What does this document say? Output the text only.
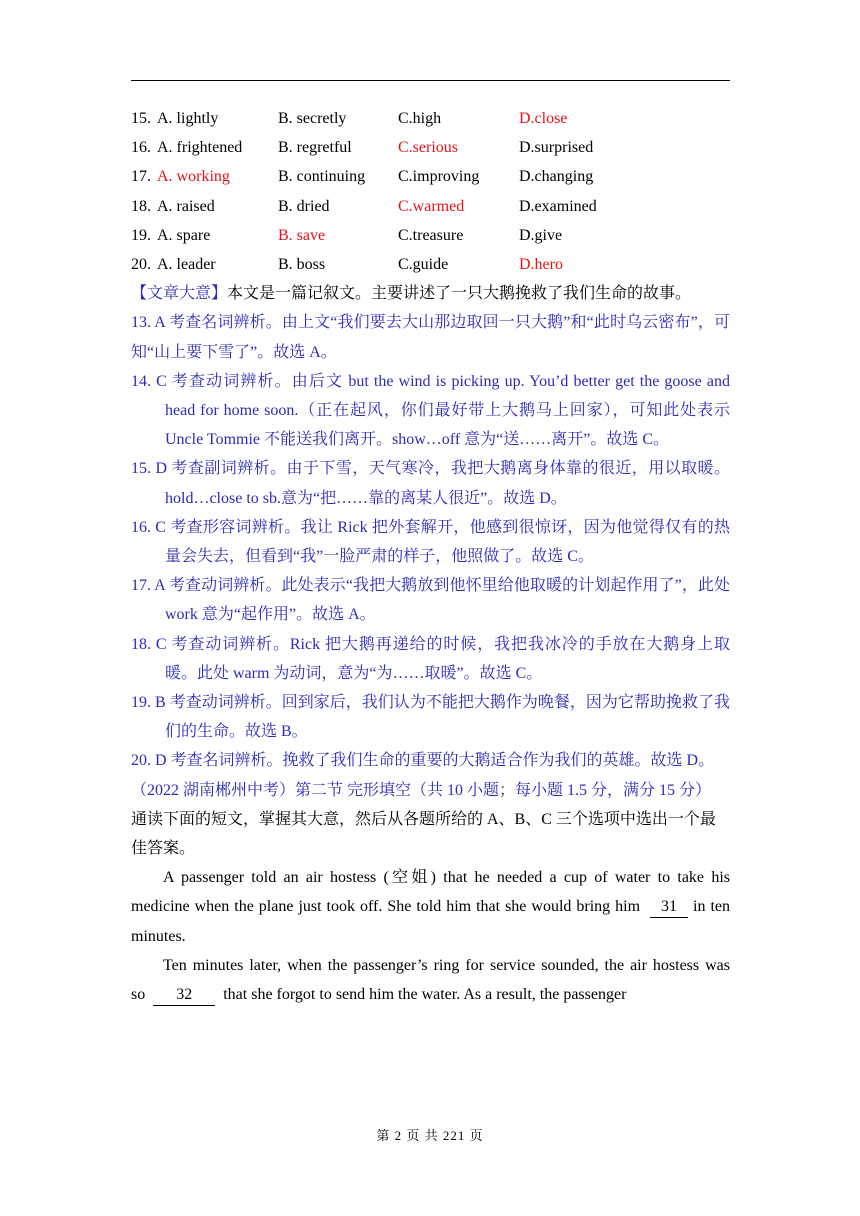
15. A. lightly	B. secretly	C.high	D.close
16. A. frightened B. regretful	C.serious	D.surprised
17. A. working	B. continuing C.improving D.changing
18. A. raised	B. dried	C.warmed	D.examined
19. A. spare	B. save	C.treasure	D.give
20. A. leader	B. boss	C.guide	D.hero
【文章大意】本文是一篇记叙文。主要讲述了一只大鹅挽救了我们生命的故事。
13. A 考查名词辨析。由上文“我们要去大山那边取回一只大鹅”和“此时乌云密布”，可知“山上要下雪了”。故选 A。
14. C 考查动词辨析。由后文 but the wind is picking up. You’d better get the goose and head for home soon.（正在起风，你们最好带上大鹅马上回家），可知此处表示 Uncle Tommie 不能送我们离开。show…off 意为“送……离开”。故选 C。
15. D 考查副词辨析。由于下雪，天气寒冷，我把大鹅离身体靠的很近，用以取暖。hold…close to sb.意为“把……靠的离某人很近”。故选 D。
16. C 考查形容词辨析。我让 Rick 把外套解开，他感到很惊讶，因为他觉得仅有的热量会失去，但看到“我”一脸严肃的样子，他照做了。故选 C。
17. A 考查动词辨析。此处表示“我把大鹅放到他怀里给他取暖的计划起作用了”，此处 work 意为“起作用”。故选 A。
18. C 考查动词辨析。Rick 把大鹅再递给的时候，我把我冰冷的手放在大鹅身上取暖。此处 warm 为动词，意为“为……取暖”。故选 C。
19. B 考查动词辨析。回到家后，我们认为不能把大鹅作为晚餐，因为它帮助挽救了我们的生命。故选 B。
20. D 考查名词辨析。挽救了我们生命的重要的大鹅适合作为我们的英雄。故选 D。
（2022 湖南郴州中考）第二节 完形填空（共 10 小题；每小题 1.5 分，满分 15 分）
通读下面的短文，掌握其大意，然后从各题所给的 A、B、C 三个选项中选出一个最佳答案。
A passenger told an air hostess (空姐) that he needed a cup of water to take his medicine when the plane just took off. She told him that she would bring him 31 in ten minutes.
Ten minutes later, when the passenger’s ring for service sounded, the air hostess was so 32 that she forgot to send him the water. As a result, the passenger
第 2 页 共 221 页
